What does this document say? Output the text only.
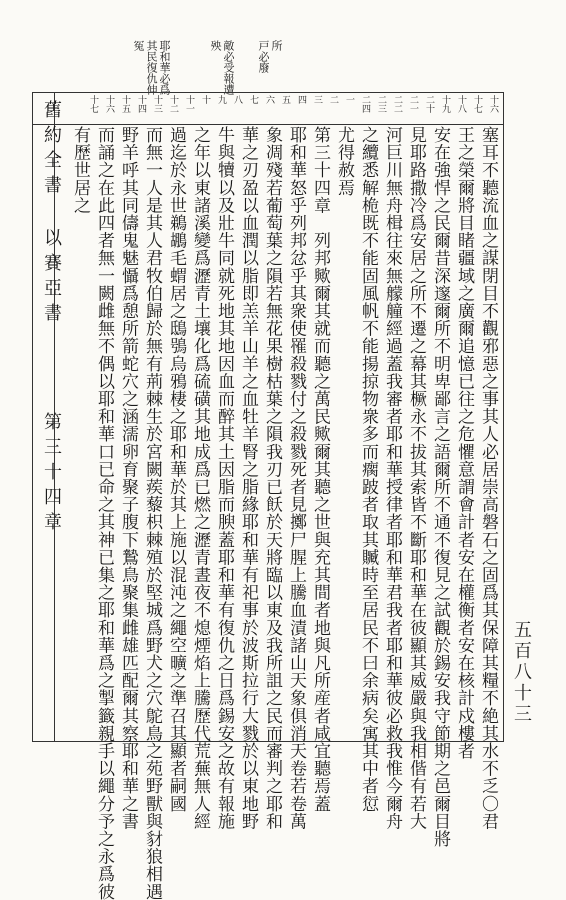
耶和華必爲
其民復仇伸
冤	敵必受報遭
殃	所
戸必廢
十六
十七
十八
十九
二十
二一
二二
二三
二四
一
二
三
四
五
六
七
八
九
十
十一
十二
十三
十四
十五
十六
十七
塞耳不聽流血之謀閉目不觀邪惡之事其人必居崇高磐石之固爲其保障其糧不絶其水不乏〇君
王之榮爾將目睹疆域之廣爾追憶已往之危懼意謂會計者安在權衡者安在核計戍樓者
安在強悍之民爾昔深邃爾所不明卑鄙言之語爾所不通不復見之試觀於錫安我守節期之邑爾目將
見耶路撒冷爲安居之所不遷之幕其橛永不拔其索皆不斷耶和華在彼顯其威嚴與我相偕有若大
河巨川無舟楫往來無艨艟經過蓋我審者耶和華授律者耶和華君我者耶和華彼必救我惟今爾舟
之纜悉解桅既不能固風帆不能揚掠物衆多而瘸跛者取其贓時至居民不曰余病矣寓其中者愆
尤得赦焉
第三十四章　列邦歟爾其就而聽之萬民歟爾其聽之世與充其間者地與凡所産者咸宜聽焉蓋
耶和華怒乎列邦忿乎其衆使罹殺戮付之殺戮死者見擲尸腥上騰血漬諸山天象俱消天卷若卷萬
象凋殘若葡萄葉之隕若無花果樹枯葉之隕我刃已飫於天將臨以東及我所詛之民而審判之耶和
華之刃盈以血潤以脂即羔羊山羊之血牡羊腎之脂緣耶和華有祀事於波斯拉行大戮於以東地野
牛與犢以及壯牛同就死地其地因血而醉其土因脂而腴蓋耶和華有復仇之日爲錫安之故有報施
之年以東諸溪變爲瀝青土壤化爲硫磺其地成爲已燃之瀝青晝夜不熄煙焰上騰歷代荒蕪無人經
過迄於永世鵜鶘毛蝟居之鴟鴞烏鴉棲之耶和華於其上施以混沌之繩空曠之準召其顯者嗣國
而無一人是其人君牧伯歸於無有荊棘生於宮闕蒺藜枳棘殖於堅城爲野犬之穴鴕鳥之苑野獸與豺狼相遇
野羊呼其同儔鬼魅懾爲憩所箭蛇穴之涵濡卵育聚子腹下鷙鳥聚集雌雄匹配爾其察耶和華之書
而誦之在此四者無一闕雌無不偶以耶和華口已命之其神已集之耶和華爲之掣籤親手以繩分予之永爲彼
有歷世居之
舊約全書
以賽亞書
第三十四章
五百八十三
